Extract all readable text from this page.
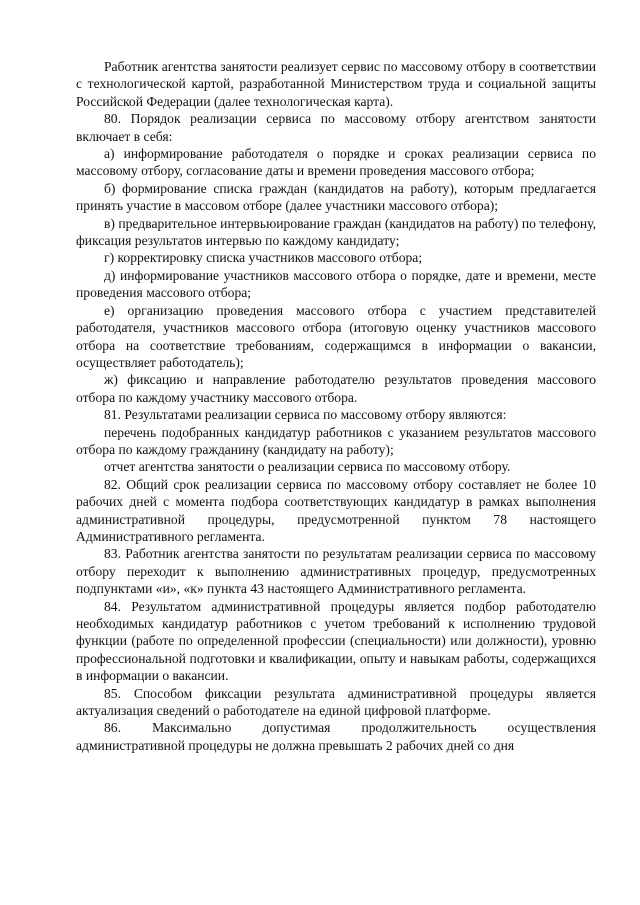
Работник агентства занятости реализует сервис по массовому отбору в соответствии с технологической картой, разработанной Министерством труда и социальной защиты Российской Федерации (далее технологическая карта).

80. Порядок реализации сервиса по массовому отбору агентством занятости включает в себя:

а) информирование работодателя о порядке и сроках реализации сервиса по массовому отбору, согласование даты и времени проведения массового отбора;

б) формирование списка граждан (кандидатов на работу), которым предлагается принять участие в массовом отборе (далее участники массового отбора);

в) предварительное интервьюирование граждан (кандидатов на работу) по телефону, фиксация результатов интервью по каждому кандидату;

г) корректировку списка участников массового отбора;

д) информирование участников массового отбора о порядке, дате и времени, месте проведения массового отбора;

е) организацию проведения массового отбора с участием представителей работодателя, участников массового отбора (итоговую оценку участников массового отбора на соответствие требованиям, содержащимся в информации о вакансии, осуществляет работодатель);

ж) фиксацию и направление работодателю результатов проведения массового отбора по каждому участнику массового отбора.

81. Результатами реализации сервиса по массовому отбору являются:

перечень подобранных кандидатур работников с указанием результатов массового отбора по каждому гражданину (кандидату на работу);

отчет агентства занятости о реализации сервиса по массовому отбору.

82. Общий срок реализации сервиса по массовому отбору составляет не более 10 рабочих дней с момента подбора соответствующих кандидатур в рамках выполнения административной процедуры, предусмотренной пунктом 78 настоящего Административного регламента.

83. Работник агентства занятости по результатам реализации сервиса по массовому отбору переходит к выполнению административных процедур, предусмотренных подпунктами «и», «к» пункта 43 настоящего Административного регламента.

84. Результатом административной процедуры является подбор работодателю необходимых кандидатур работников с учетом требований к исполнению трудовой функции (работе по определенной профессии (специальности) или должности), уровню профессиональной подготовки и квалификации, опыту и навыкам работы, содержащихся в информации о вакансии.

85. Способом фиксации результата административной процедуры является актуализация сведений о работодателе на единой цифровой платформе.

86. Максимально допустимая продолжительность осуществления административной процедуры не должна превышать 2 рабочих дней со дня
